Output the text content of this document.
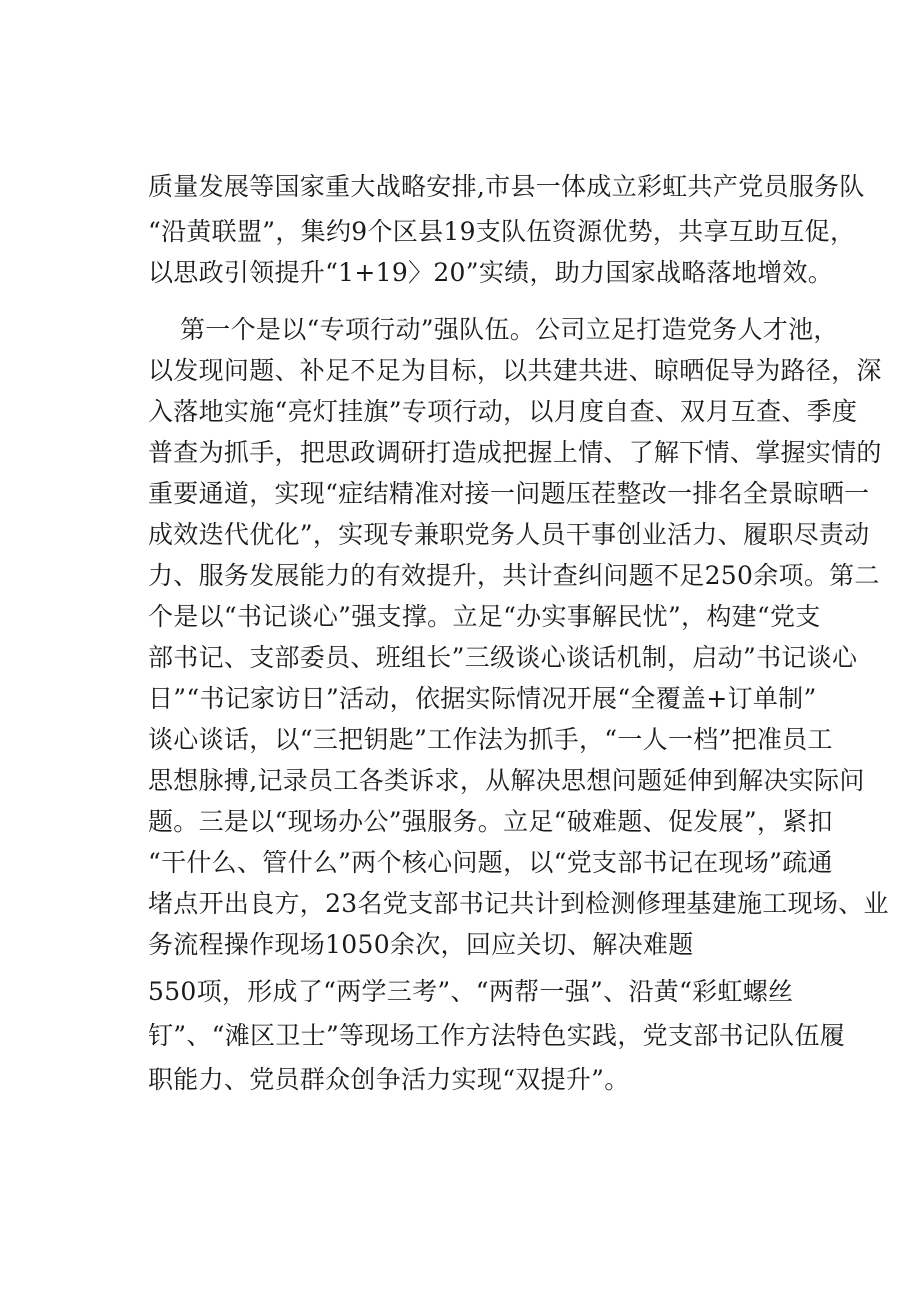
质量发展等国家重大战略安排,市县一体成立彩虹共产党员服务队
“沿黄联盟”，集约9个区县19支队伍资源优势，共享互助互促，
以思政引领提升“1+19〉20”实绩，助力国家战略落地增效。
第一个是以“专项行动”强队伍。公司立足打造党务人才池，
以发现问题、补足不足为目标，以共建共进、晾晒促导为路径，深
入落地实施“亮灯挂旗”专项行动，以月度自查、双月互查、季度
普查为抓手，把思政调研打造成把握上情、了解下情、掌握实情的
重要通道，实现“症结精准对接一问题压茬整改一排名全景晾晒一
成效迭代优化”，实现专兼职党务人员干事创业活力、履职尽责动
力、服务发展能力的有效提升，共计查纠问题不足250余项。第二
个是以“书记谈心”强支撑。立足“办实事解民忧”，构建“党支
部书记、支部委员、班组长”三级谈心谈话机制，启动”书记谈心
日”“书记家访日”活动，依据实际情况开展“全覆盖+订单制”
谈心谈话，以“三把钥匙”工作法为抓手，“一人一档”把准员工
思想脉搏,记录员工各类诉求，从解决思想问题延伸到解决实际问
题。三是以“现场办公”强服务。立足“破难题、促发展”，紧扣
“干什么、管什么”两个核心问题，以“党支部书记在现场”疏通
堵点开出良方，23名党支部书记共计到检测修理基建施工现场、业
务流程操作现场1050余次，回应关切、解决难题
550项，形成了“两学三考”、“两帮一强”、沿黄“彩虹螺丝
钉”、“滩区卫士”等现场工作方法特色实践，党支部书记队伍履
职能力、党员群众创争活力实现“双提升”。
